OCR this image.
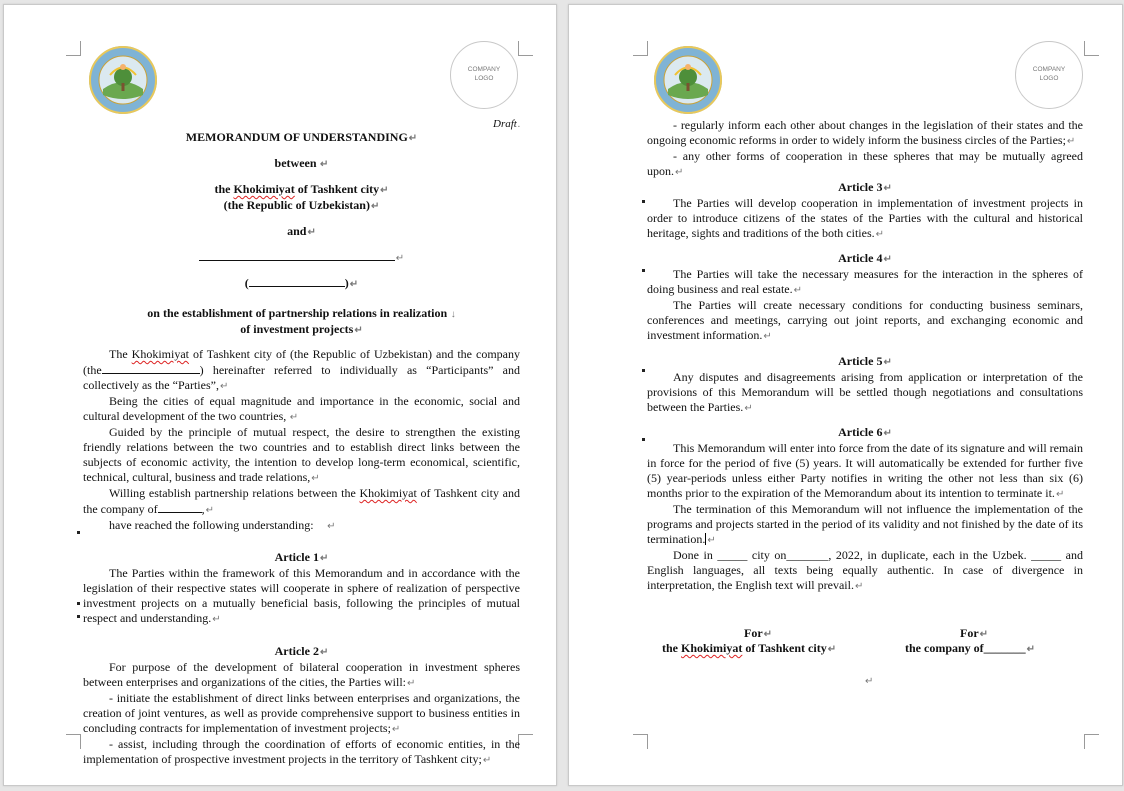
COMPANY
LOGO
Draft.

MEMORANDUM OF UNDERSTANDING↵

between ↵

the Khokimiyat of Tashkent city↵

(the Republic of Uzbekistan)↵

and↵

↵

(	)↵

on the establishment of partnership relations in realization ↓

of investment projects↵

The Khokimiyat of Tashkent city of (the Republic of Uzbekistan) and the company (the	) hereinafter referred to individually as “Participants” and collectively as the “Parties”,↵

Being the cities of equal magnitude and importance in the economic, social and cultural development of the two countries, ↵

Guided by the principle of mutual respect, the desire to strengthen the existing friendly relations between the two countries and to establish direct links between the subjects of economic activity, the intention to develop long-term economical, scientific, technical, cultural, business and trade relations,↵

Willing establish partnership relations between the Khokimiyat of Tashkent city and the company of	,↵

have reached the following understanding:     ↵

Article 1↵

The Parties within the framework of this Memorandum and in accordance with the legislation of their respective states will cooperate in sphere of realization of perspective investment projects on a mutually beneficial basis, following the principles of mutual respect and understanding.↵

Article 2↵

For purpose of the development of bilateral cooperation in investment spheres between enterprises and organizations of the cities, the Parties will:↵

- initiate the establishment of direct links between enterprises and organizations, the creation of joint ventures, as well as provide comprehensive support to business entities in concluding contracts for implementation of investment projects;↵

- assist, including through the coordination of efforts of economic entities, in the implementation of prospective investment projects in the territory of Tashkent city;↵

COMPANY
LOGO

- regularly inform each other about changes in the legislation of their states and the ongoing economic reforms in order to widely inform the business circles of the Parties;↵

- any other forms of cooperation in these spheres that may be mutually agreed upon.↵

Article 3↵

The Parties will develop cooperation in implementation of investment projects in order to introduce citizens of the states of the Parties with the cultural and historical heritage, sights and traditions of the both cities.↵

Article 4↵

The Parties will take the necessary measures for the interaction in the spheres of doing business and real estate.↵

The Parties will create necessary conditions for conducting business seminars, conferences and meetings, carrying out joint reports, and exchanging economic and investment information.↵

Article 5↵

Any disputes and disagreements arising from application or interpretation of the provisions of this Memorandum will be settled though negotiations and consultations between the Parties.↵

Article 6↵

This Memorandum will enter into force from the date of its signature and will remain in force for the period of five (5) years. It will automatically be extended for further five (5) year-periods unless either Party notifies in writing the other not less than six (6) months prior to the expiration of the Memorandum about its intention to terminate it.↵

The termination of this Memorandum will not influence the implementation of the programs and projects started in the period of its validity and not finished by the date of its termination. ↵

Done in _____ city on_______, 2022, in duplicate, each in the Uzbek. _____ and English languages, all texts being equally authentic. In case of divergence in interpretation, the English text will prevail.↵

For↵
the Khokimiyat of Tashkent city↵
For↵
the company of_______↵
↵
